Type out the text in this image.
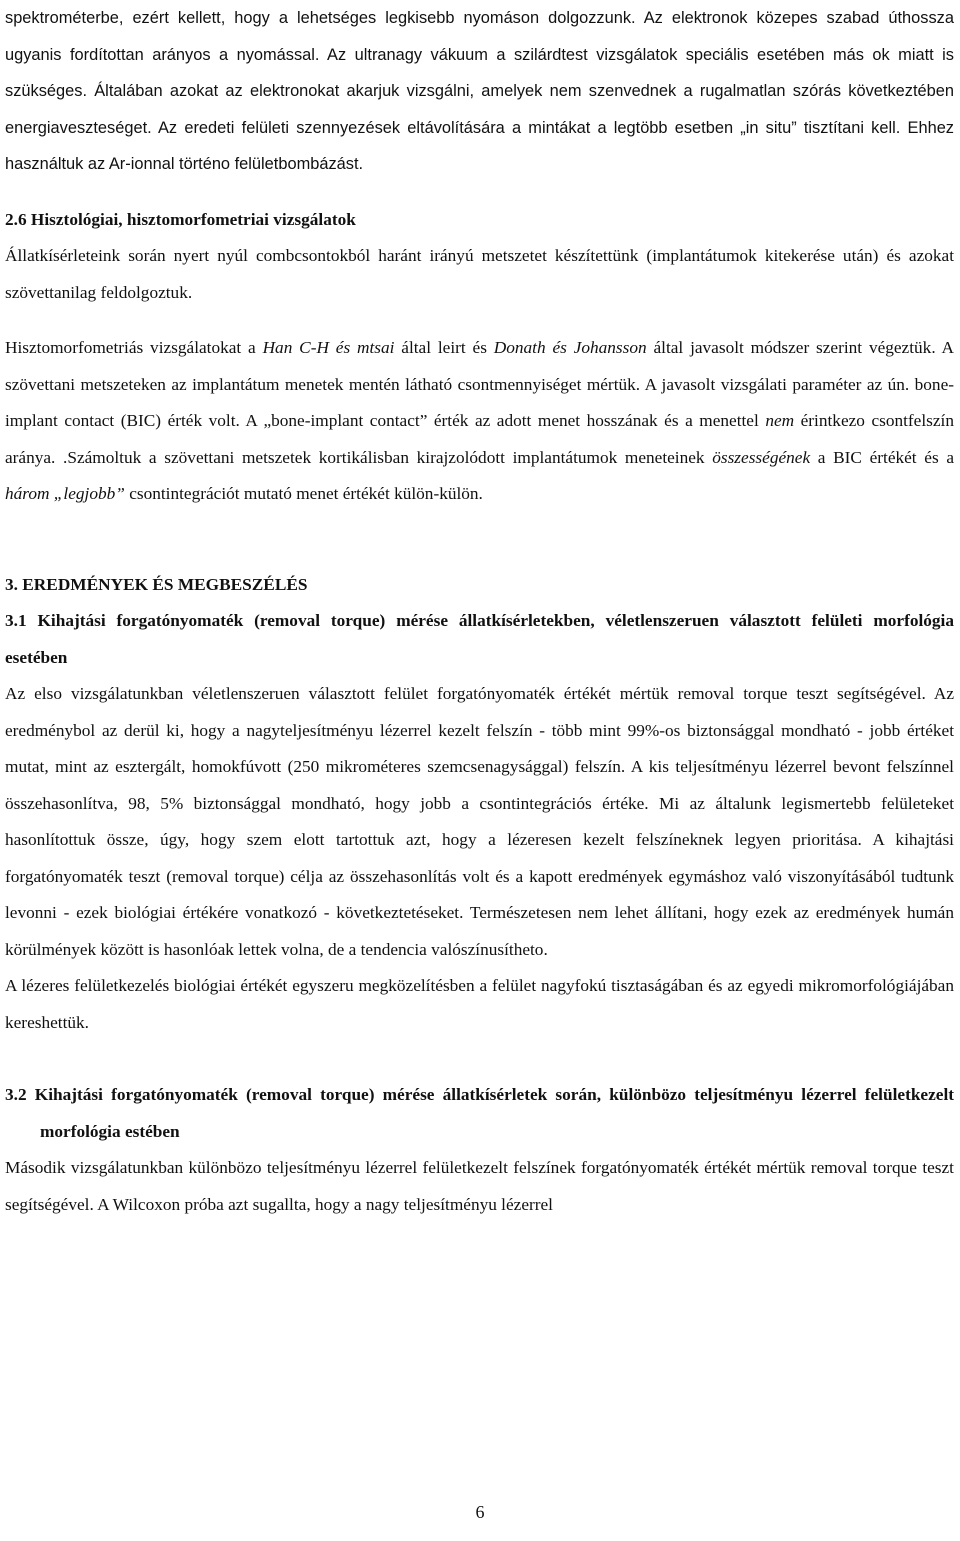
spektrométerbe, ezért kellett, hogy a lehetséges legkisebb nyomáson dolgozzunk. Az elektronok közepes szabad úthossza ugyanis fordítottan arányos a nyomással. Az ultranagy vákuum a szilárdtest vizsgálatok speciális esetében más ok miatt is szükséges. Általában azokat az elektronokat akarjuk vizsgálni, amelyek nem szenvednek a rugalmatlan szórás következtében energiaveszteséget. Az eredeti felületi szennyezések eltávolítására a mintákat a legtöbb esetben „in situ” tisztítani kell. Ehhez használtuk az Ar-ionnal történo felületbombázást.

2.6 Hisztológiai, hisztomorfometriai vizsgálatok

Állatkísérleteink során nyert nyúl combcsontokból haránt irányú metszetet készítettünk (implantátumok kitekerése után) és azokat szövettanilag feldolgoztuk.

Hisztomorfometriás vizsgálatokat a Han C-H és mtsai által leirt és Donath és Johansson által javasolt módszer szerint végeztük. A szövettani metszeteken az implantátum menetek mentén látható csontmennyiséget mértük. A javasolt vizsgálati paraméter az ún. bone-implant contact (BIC) érték volt. A „bone-implant contact” érték az adott menet hosszának és a menettel nem érintkezo csontfelszín aránya. .Számoltuk a szövettani metszetek kortikálisban kirajzolódott implantátumok meneteinek összességének a BIC értékét és a három „legjobb” csontintegrációt mutató menet értékét külön-külön.

3. EREDMÉNYEK ÉS MEGBESZÉLÉS
3.1 Kihajtási forgatónyomaték (removal torque) mérése állatkísérletekben, véletlenszeruen választott felületi morfológia esetében

Az elso vizsgálatunkban véletlenszeruen választott felület forgatónyomaték értékét mértük removal torque teszt segítségével. Az eredménybol az derül ki, hogy a nagyteljesítményu lézerrel kezelt felszín - több mint 99%-os biztonsággal mondható - jobb értéket mutat, mint az esztergált, homokfúvott (250 mikrométeres szemcsenagysággal) felszín. A kis teljesítményu lézerrel bevont felszínnel összehasonlítva, 98, 5% biztonsággal mondható, hogy jobb a csontintegrációs értéke. Mi az általunk legismertebb felületeket hasonlítottuk össze, úgy, hogy szem elott tartottuk azt, hogy a lézeresen kezelt felszíneknek legyen prioritása. A kihajtási forgatónyomaték teszt (removal torque) célja az összehasonlítás volt és a kapott eredmények egymáshoz való viszonyításából tudtunk levonni - ezek biológiai értékére vonatkozó - következtetéseket. Természetesen nem lehet állítani, hogy ezek az eredmények humán körülmények között is hasonlóak lettek volna, de a tendencia valószínusítheto.

A lézeres felületkezelés biológiai értékét egyszeru megközelítésben a felület nagyfokú tisztaságában és az egyedi mikromorfológiájában kereshettük.

3.2 Kihajtási forgatónyomaték (removal torque) mérése állatkísérletek során, különbözo teljesítményu lézerrel felületkezelt morfológia estében

Második vizsgálatunkban különbözo teljesítményu lézerrel felületkezelt felszínek forgatónyomaték értékét mértük removal torque teszt segítségével. A Wilcoxon próba azt sugallta, hogy a nagy teljesítményu lézerrel

6
